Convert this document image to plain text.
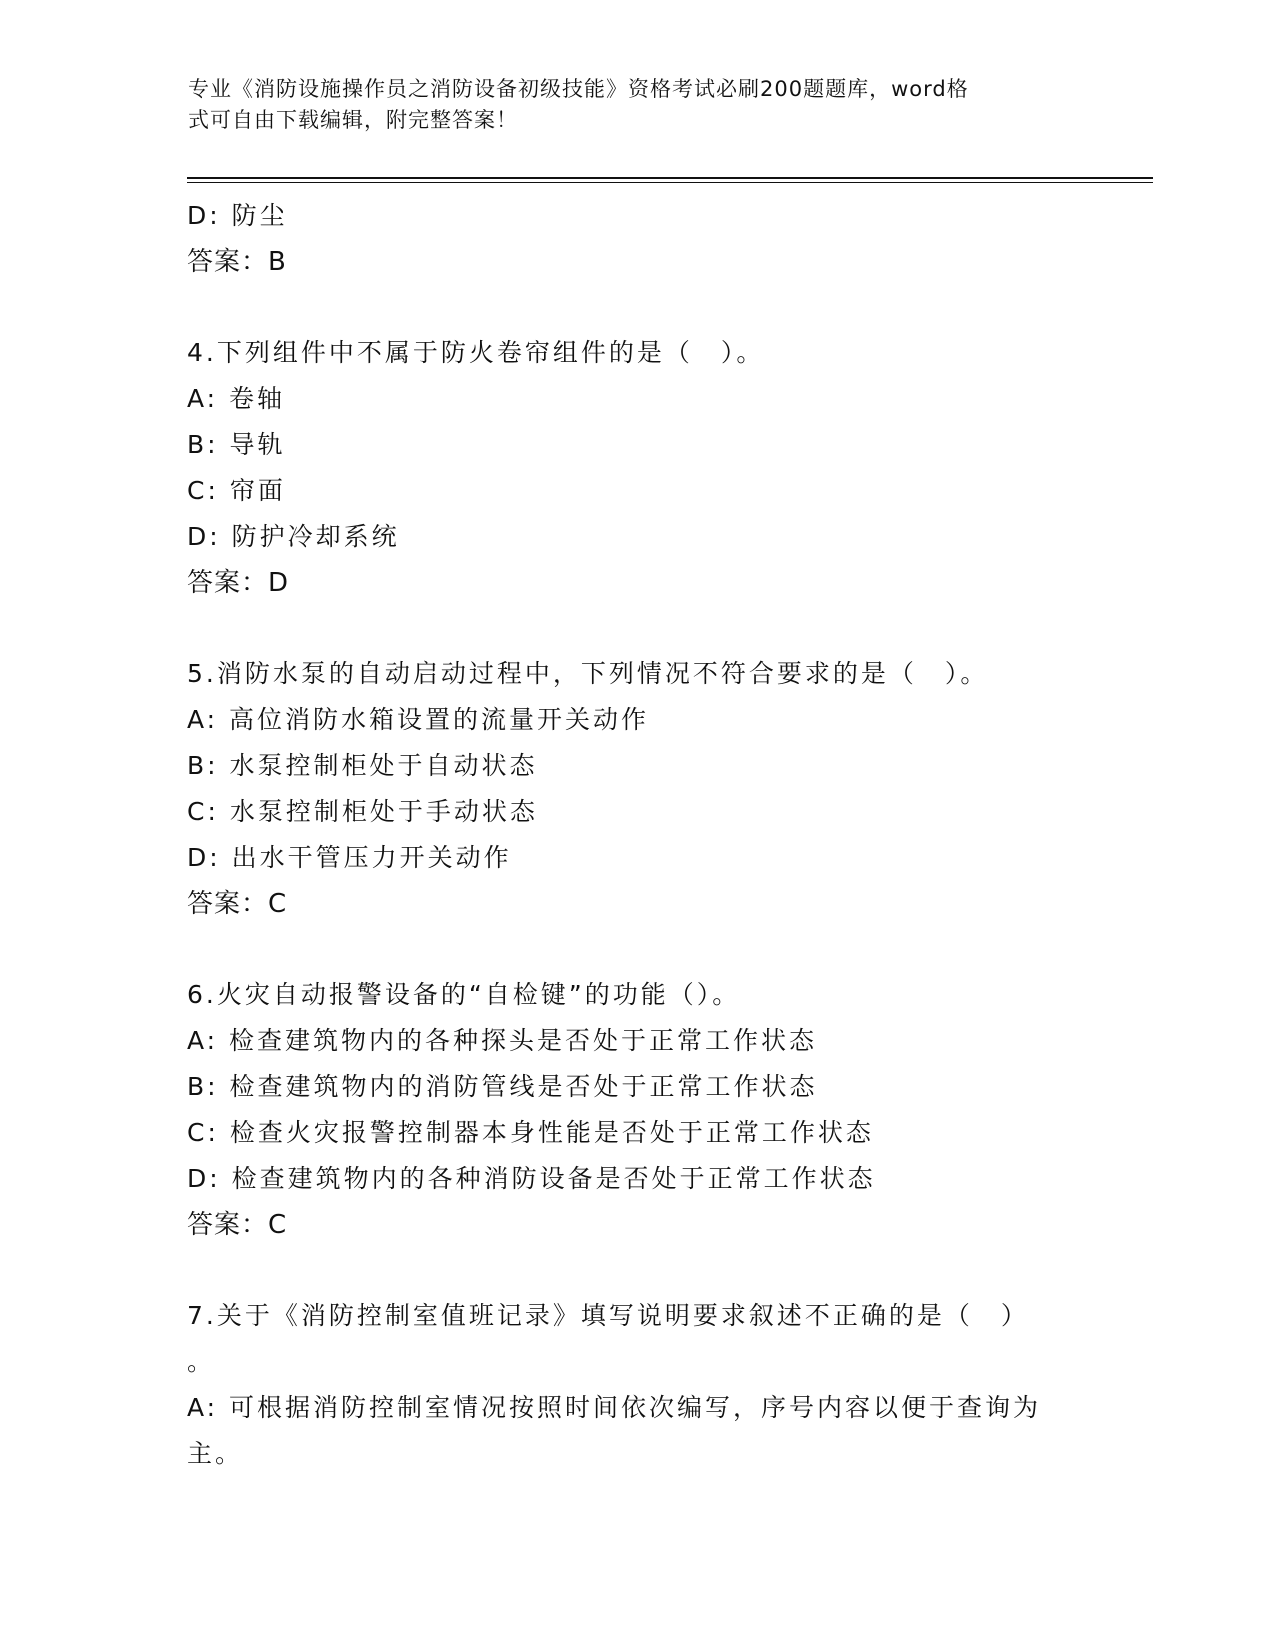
专业《消防设施操作员之消防设备初级技能》资格考试必刷200题题库，word格
式可自由下载编辑，附完整答案！
D: 防尘
答案：B
4.下列组件中不属于防火卷帘组件的是（　）。
A: 卷轴
B: 导轨
C: 帘面
D: 防护冷却系统
答案：D
5.消防水泵的自动启动过程中，下列情况不符合要求的是（　）。
A: 高位消防水箱设置的流量开关动作
B: 水泵控制柜处于自动状态
C: 水泵控制柜处于手动状态
D: 出水干管压力开关动作
答案：C
6.火灾自动报警设备的“自检键”的功能（）。
A: 检查建筑物内的各种探头是否处于正常工作状态
B: 检查建筑物内的消防管线是否处于正常工作状态
C: 检查火灾报警控制器本身性能是否处于正常工作状态
D: 检查建筑物内的各种消防设备是否处于正常工作状态
答案：C
7.关于《消防控制室值班记录》填写说明要求叙述不正确的是（　）
。
A: 可根据消防控制室情况按照时间依次编写，序号内容以便于查询为
主。
